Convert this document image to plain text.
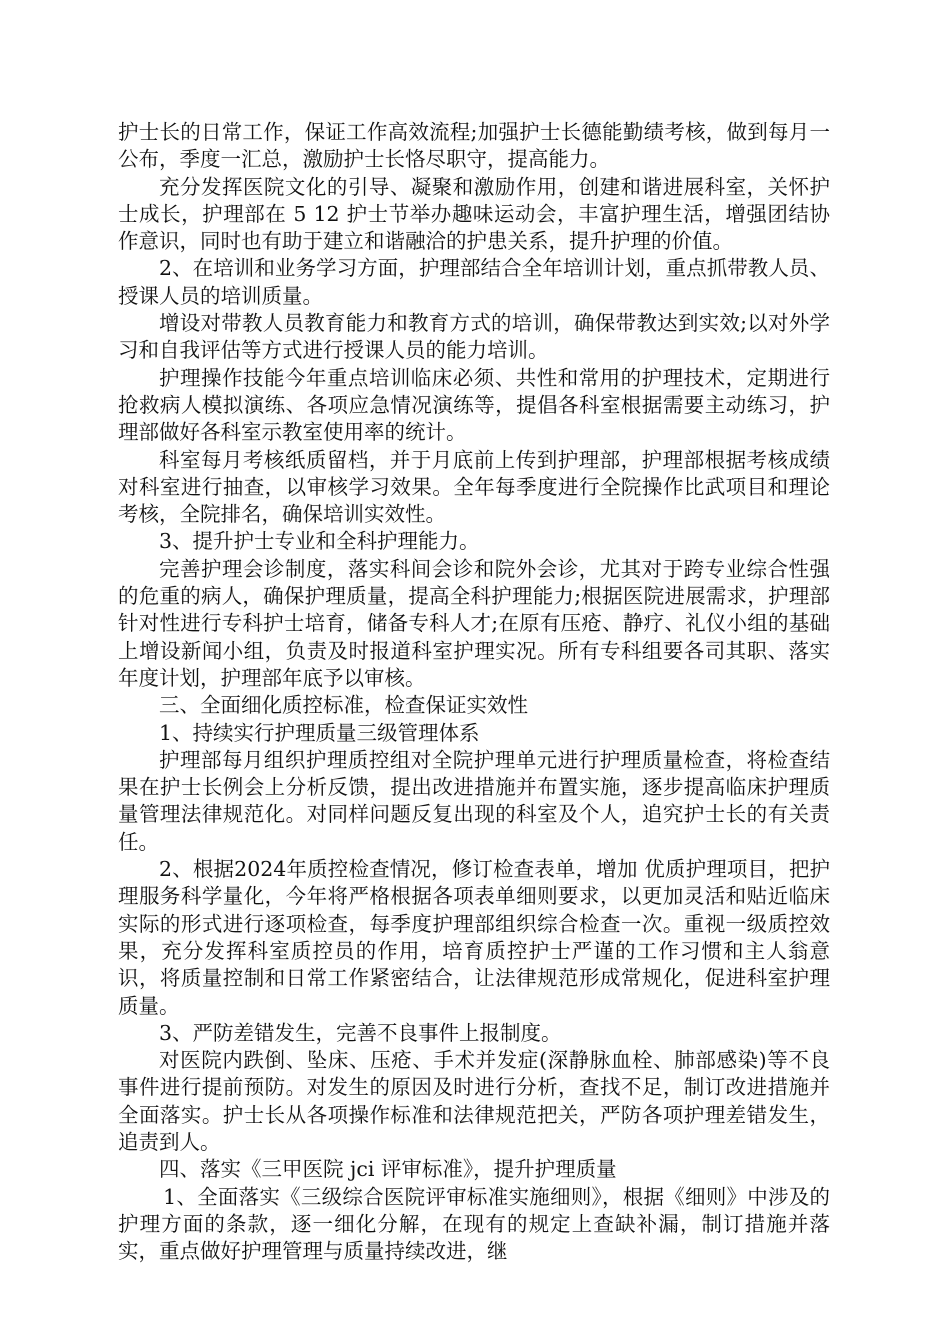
护士长的日常工作，保证工作高效流程;加强护士长德能勤绩考核，做到每月一公布，季度一汇总，激励护士长恪尽职守，提高能力。

充分发挥医院文化的引导、凝聚和激励作用，创建和谐进展科室，关怀护士成长，护理部在 5 12 护士节举办趣味运动会，丰富护理生活，增强团结协作意识，同时也有助于建立和谐融洽的护患关系，提升护理的价值。

2、在培训和业务学习方面，护理部结合全年培训计划，重点抓带教人员、授课人员的培训质量。

增设对带教人员教育能力和教育方式的培训，确保带教达到实效;以对外学习和自我评估等方式进行授课人员的能力培训。

护理操作技能今年重点培训临床必须、共性和常用的护理技术，定期进行抢救病人模拟演练、各项应急情况演练等，提倡各科室根据需要主动练习，护理部做好各科室示教室使用率的统计。

科室每月考核纸质留档，并于月底前上传到护理部，护理部根据考核成绩对科室进行抽查，以审核学习效果。全年每季度进行全院操作比武项目和理论考核，全院排名，确保培训实效性。

3、提升护士专业和全科护理能力。

完善护理会诊制度，落实科间会诊和院外会诊，尤其对于跨专业综合性强的危重的病人，确保护理质量，提高全科护理能力;根据医院进展需求，护理部针对性进行专科护士培育，储备专科人才;在原有压疮、静疗、礼仪小组的基础上增设新闻小组，负责及时报道科室护理实况。所有专科组要各司其职、落实年度计划，护理部年底予以审核。

三、全面细化质控标准，检查保证实效性

1、持续实行护理质量三级管理体系

护理部每月组织护理质控组对全院护理单元进行护理质量检查，将检查结果在护士长例会上分析反馈，提出改进措施并布置实施，逐步提高临床护理质量管理法律规范化。对同样问题反复出现的科室及个人，追究护士长的有关责任。

2、根据2024年质控检查情况，修订检查表单，增加 优质护理项目，把护理服务科学量化，今年将严格根据各项表单细则要求，以更加灵活和贴近临床实际的形式进行逐项检查，每季度护理部组织综合检查一次。重视一级质控效果，充分发挥科室质控员的作用，培育质控护士严谨的工作习惯和主人翁意识，将质量控制和日常工作紧密结合，让法律规范形成常规化，促进科室护理质量。

3、严防差错发生，完善不良事件上报制度。

对医院内跌倒、坠床、压疮、手术并发症(深静脉血栓、肺部感染)等不良事件进行提前预防。对发生的原因及时进行分析，查找不足，制订改进措施并全面落实。护士长从各项操作标准和法律规范把关，严防各项护理差错发生，追责到人。

四、落实《三甲医院 jci 评审标准》，提升护理质量

1、全面落实《三级综合医院评审标准实施细则》，根据《细则》中涉及的护理方面的条款，逐一细化分解，在现有的规定上查缺补漏，制订措施并落实，重点做好护理管理与质量持续改进，继
